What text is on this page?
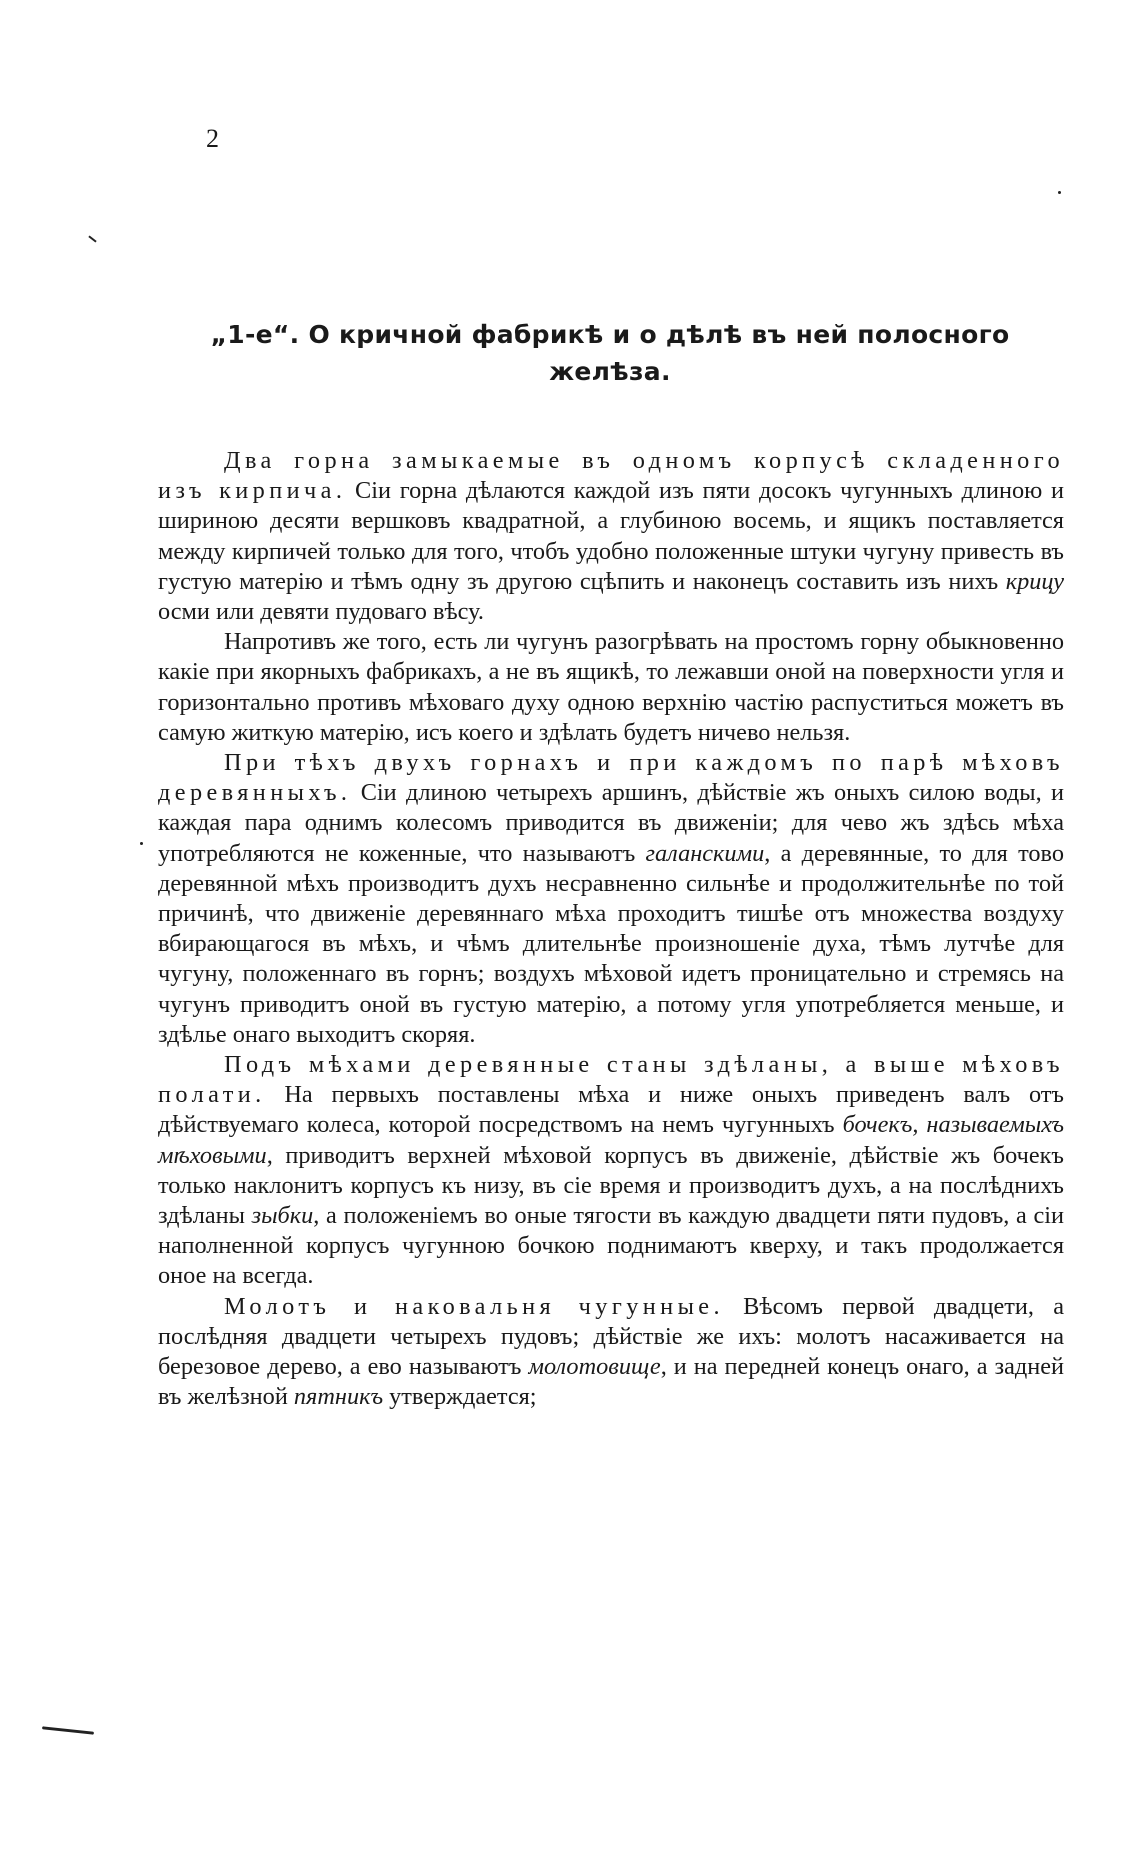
2
„1-е“. О кричной фабрикѣ и о дѣлѣ въ ней полосного
желѣза.

Два горна замыкаемые въ одномъ корпусѣ складенного изъ кирпича. Сiи горна дѣлаются каждой изъ пяти досокъ чугунныхъ длиною и шириною десяти вершковъ квадратной, а глубиною восемь, и ящикъ поставляется между кирпичей только для того, чтобъ удобно положенные штуки чугуну привесть въ густую матерiю и тѣмъ одну зъ другою сцѣпить и наконецъ составить изъ нихъ крицу осми или девяти пудоваго вѣсу.

Напротивъ же того, есть ли чугунъ разогрѣвать на простомъ горну обыкновенно какiе при якорныхъ фабрикахъ, а не въ ящикѣ, то лежавши оной на поверхности угля и горизонтально противъ мѣховаго духу одною верхнiю частiю распуститься можетъ въ самую житкую матерiю, исъ коего и здѣлать будетъ ничево нельзя.

При тѣхъ двухъ горнахъ и при каждомъ по парѣ мѣховъ деревянныхъ. Сiи длиною четырехъ аршинъ, дѣйствiе жъ оныхъ силою воды, и каждая пара однимъ колесомъ приводится въ движенiи; для чево жъ здѣсь мѣха употребляются не коженные, что называютъ галанскими, а деревянные, то для тово деревянной мѣхъ производитъ духъ несравненно сильнѣе и продолжительнѣе по той причинѣ, что движенiе деревяннаго мѣха проходитъ тишѣе отъ множества воздуху вбирающагося въ мѣхъ, и чѣмъ длительнѣе произношенiе духа, тѣмъ лутчѣе для чугуну, положеннаго въ горнъ; воздухъ мѣховой идетъ проницательно и стремясь на чугунъ приводитъ оной въ густую матерiю, а потому угля употребляется меньше, и здѣлье онаго выходитъ скоряя.

Подъ мѣхами деревянные станы здѣланы, а выше мѣховъ полати. На первыхъ поставлены мѣха и ниже оныхъ приведенъ валъ отъ дѣйствуемаго колеса, которой посредствомъ на немъ чугунныхъ бочекъ, называемыхъ мѣховыми, приводитъ верхней мѣховой корпусъ въ движенiе, дѣйствiе жъ бочекъ только наклонитъ корпусъ къ низу, въ сiе время и производитъ духъ, а на послѣднихъ здѣланы зыбки, а положенiемъ во оные тягости въ каждую двадцети пяти пудовъ, а сiи наполненной корпусъ чугунною бочкою поднимаютъ кверху, и такъ продолжается оное на всегда.

Молотъ и наковальня чугунные. Вѣсомъ первой двадцети, а послѣдняя двадцети четырехъ пудовъ; дѣйствiе же ихъ: молотъ насаживается на березовое дерево, а ево называютъ молотовище, и на передней конецъ онаго, а задней въ желѣзной пятникъ утверждается;
